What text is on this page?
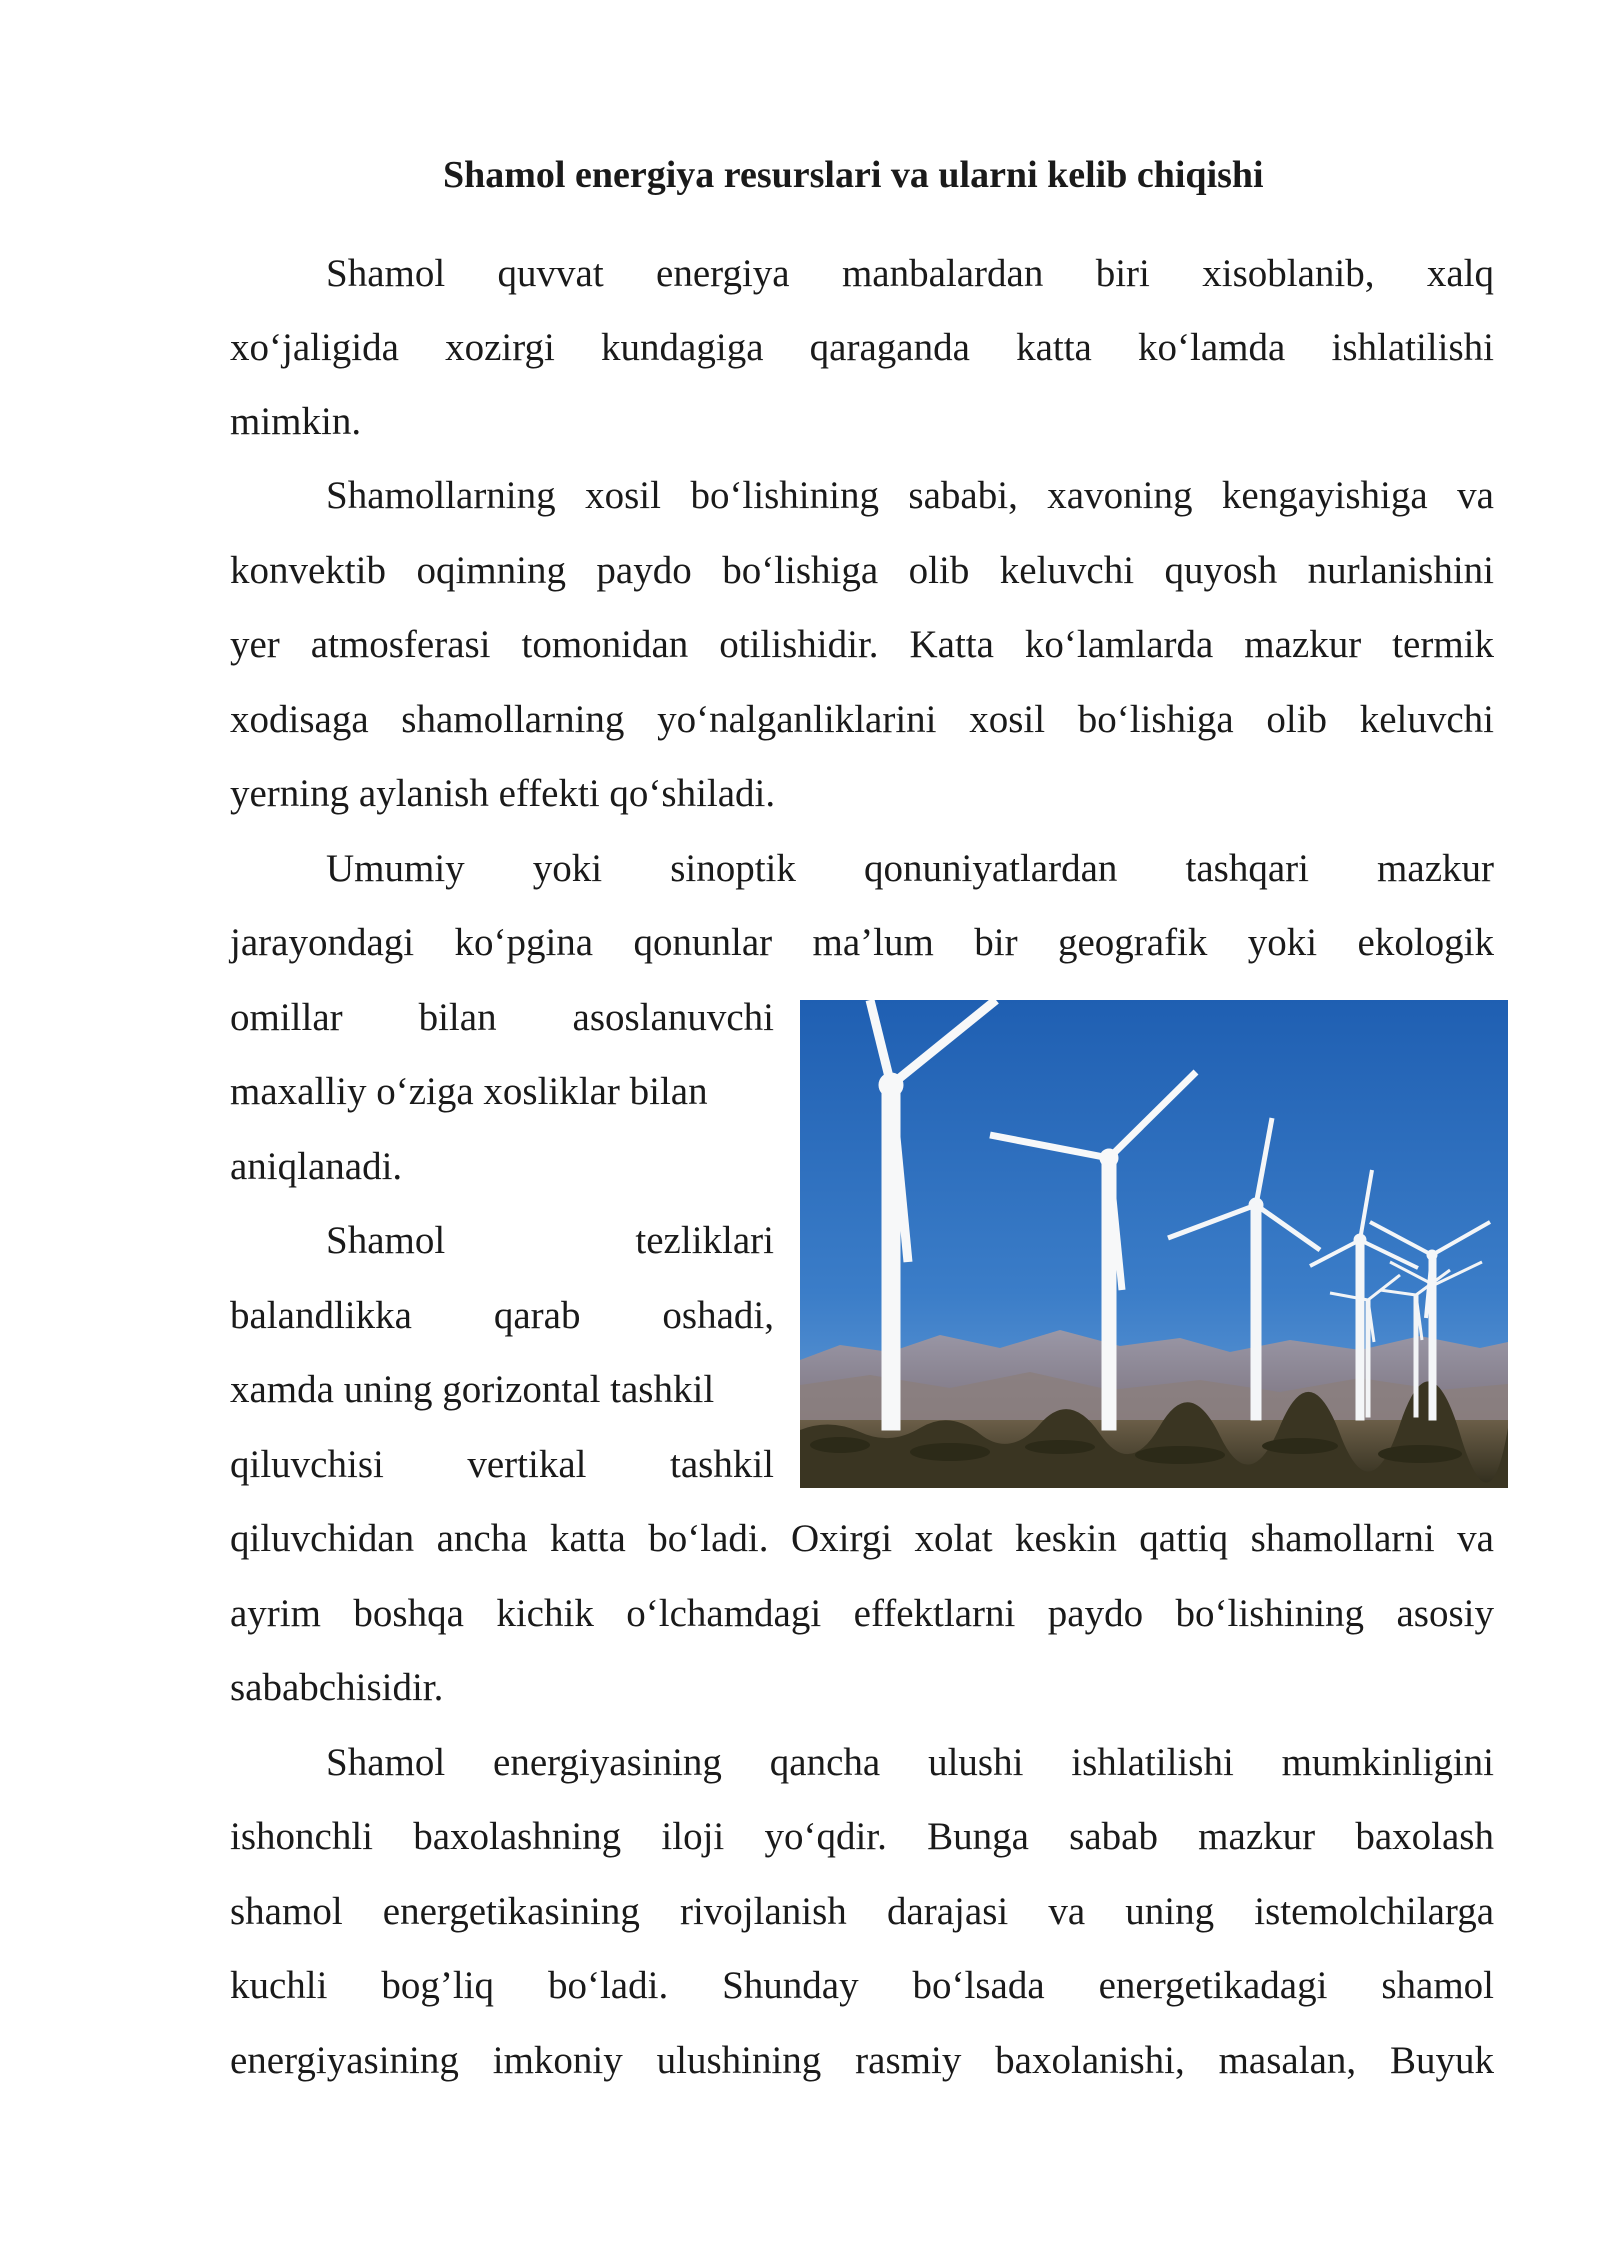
Shamol energiya resurslari va ularni kelib chiqishi
Shamol quvvat energiya manbalardan biri xisoblanib, xalq
xo‘jaligida xozirgi kundagiga qaraganda katta ko‘lamda ishlatilishi
mimkin.
Shamollarning xosil bo‘lishining sababi, xavoning kengayishiga va
konvektib oqimning paydo bo‘lishiga olib keluvchi quyosh nurlanishini
yer atmosferasi tomonidan otilishidir. Katta ko‘lamlarda mazkur termik
xodisaga shamollarning yo‘nalganliklarini xosil bo‘lishiga olib keluvchi
yerning aylanish effekti qo‘shiladi.
Umumiy yoki sinoptik qonuniyatlardan tashqari mazkur
jarayondagi ko‘pgina qonunlar ma’lum bir geografik yoki ekologik
omillar bilan asoslanuvchi
maxalliy o‘ziga xosliklar bilan
aniqlanadi.
Shamol tezliklari
balandlikka qarab oshadi,
xamda uning gorizontal tashkil
qiluvchisi vertikal tashkil
qiluvchidan ancha katta bo‘ladi. Oxirgi xolat keskin qattiq shamollarni va
ayrim boshqa kichik o‘lchamdagi effektlarni paydo bo‘lishining asosiy
sababchisidir.
Shamol energiyasining qancha ulushi ishlatilishi mumkinligini
ishonchli baxolashning iloji yo‘qdir. Bunga sabab mazkur baxolash
shamol energetikasining rivojlanish darajasi va uning istemolchilarga
kuchli bog’liq bo‘ladi. Shunday bo‘lsada energetikadagi shamol
energiyasining imkoniy ulushining rasmiy baxolanishi, masalan, Buyuk
